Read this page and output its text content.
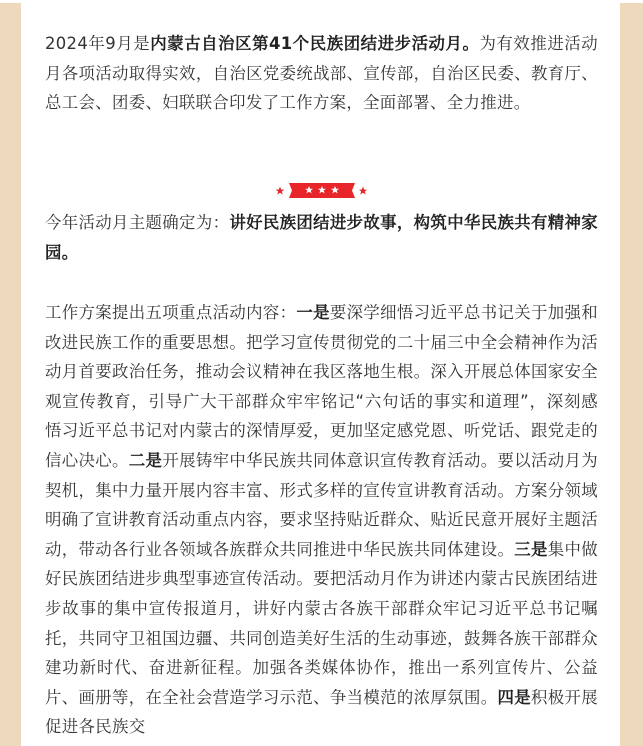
2024年9月是内蒙古自治区第41个民族团结进步活动月。为有效推进活动月各项活动取得实效，自治区党委统战部、宣传部，自治区民委、教育厅、总工会、团委、妇联联合印发了工作方案，全面部署、全力推进。

今年活动月主题确定为：讲好民族团结进步故事，构筑中华民族共有精神家园。

工作方案提出五项重点活动内容：一是要深学细悟习近平总书记关于加强和改进民族工作的重要思想。把学习宣传贯彻党的二十届三中全会精神作为活动月首要政治任务，推动会议精神在我区落地生根。深入开展总体国家安全观宣传教育，引导广大干部群众牢牢铭记“六句话的事实和道理”，深刻感悟习近平总书记对内蒙古的深情厚爱，更加坚定感党恩、听党话、跟党走的信心决心。二是开展铸牢中华民族共同体意识宣传教育活动。要以活动月为契机，集中力量开展内容丰富、形式多样的宣传宣讲教育活动。方案分领域明确了宣讲教育活动重点内容，要求坚持贴近群众、贴近民意开展好主题活动，带动各行业各领域各族群众共同推进中华民族共同体建设。三是集中做好民族团结进步典型事迹宣传活动。要把活动月作为讲述内蒙古民族团结进步故事的集中宣传报道月，讲好内蒙古各族干部群众牢记习近平总书记嘱托，共同守卫祖国边疆、共同创造美好生活的生动事迹，鼓舞各族干部群众建功新时代、奋进新征程。加强各类媒体协作，推出一系列宣传片、公益片、画册等，在全社会营造学习示范、争当模范的浓厚氛围。四是积极开展促进各民族交
